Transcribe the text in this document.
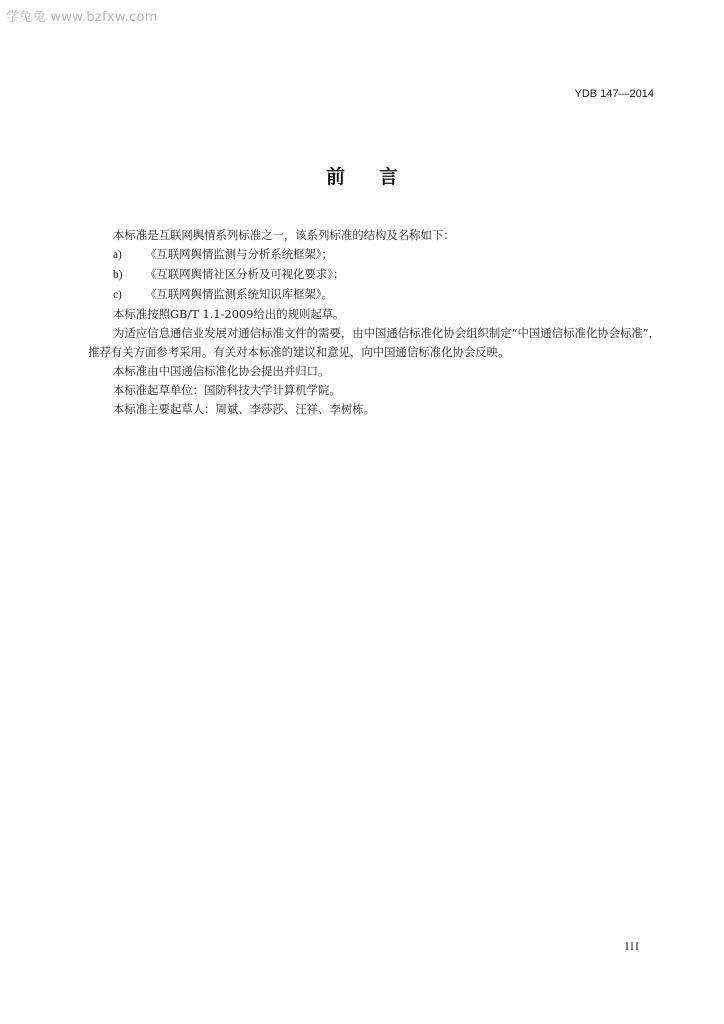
学兔兔 www.bzfxw.com
YDB 147—2014
前言

本标准是互联网舆情系列标准之一，该系列标准的结构及名称如下：

a) 《互联网舆情监测与分析系统框架》；

b) 《互联网舆情社区分析及可视化要求》；

c) 《互联网舆情监测系统知识库框架》。

本标准按照GB/T 1.1-2009给出的规则起草。

为适应信息通信业发展对通信标准文件的需要，由中国通信标准化协会组织制定“中国通信标准化协会标准”，推荐有关方面参考采用。有关对本标准的建议和意见，向中国通信标准化协会反映。

本标准由中国通信标准化协会提出并归口。

本标准起草单位：国防科技大学计算机学院。

本标准主要起草人：周斌、李莎莎、汪祥、李树栋。

III
